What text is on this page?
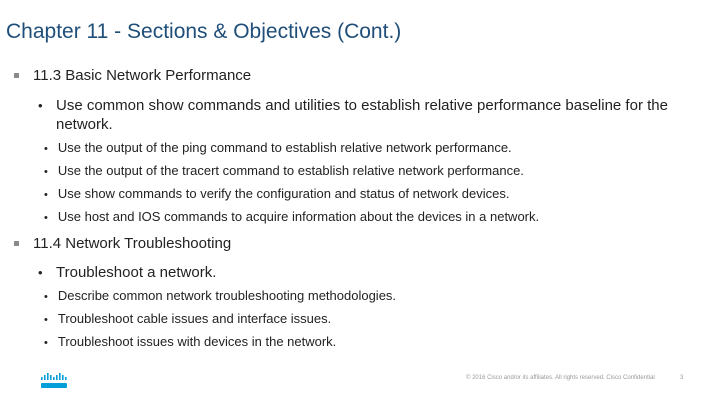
Chapter 11 - Sections & Objectives (Cont.)
11.3 Basic Network Performance
• Use common show commands and utilities to establish relative performance baseline for the network.
• Use the output of the ping command to establish relative network performance.
• Use the output of the tracert command to establish relative network performance.
• Use show commands to verify the configuration and status of network devices.
• Use host and IOS commands to acquire information about the devices in a network.
11.4 Network Troubleshooting
• Troubleshoot a network.
• Describe common network troubleshooting methodologies.
• Troubleshoot cable issues and interface issues.
• Troubleshoot issues with devices in the network.
© 2016 Cisco and/or its affiliates. All rights reserved. Cisco Confidential	3
